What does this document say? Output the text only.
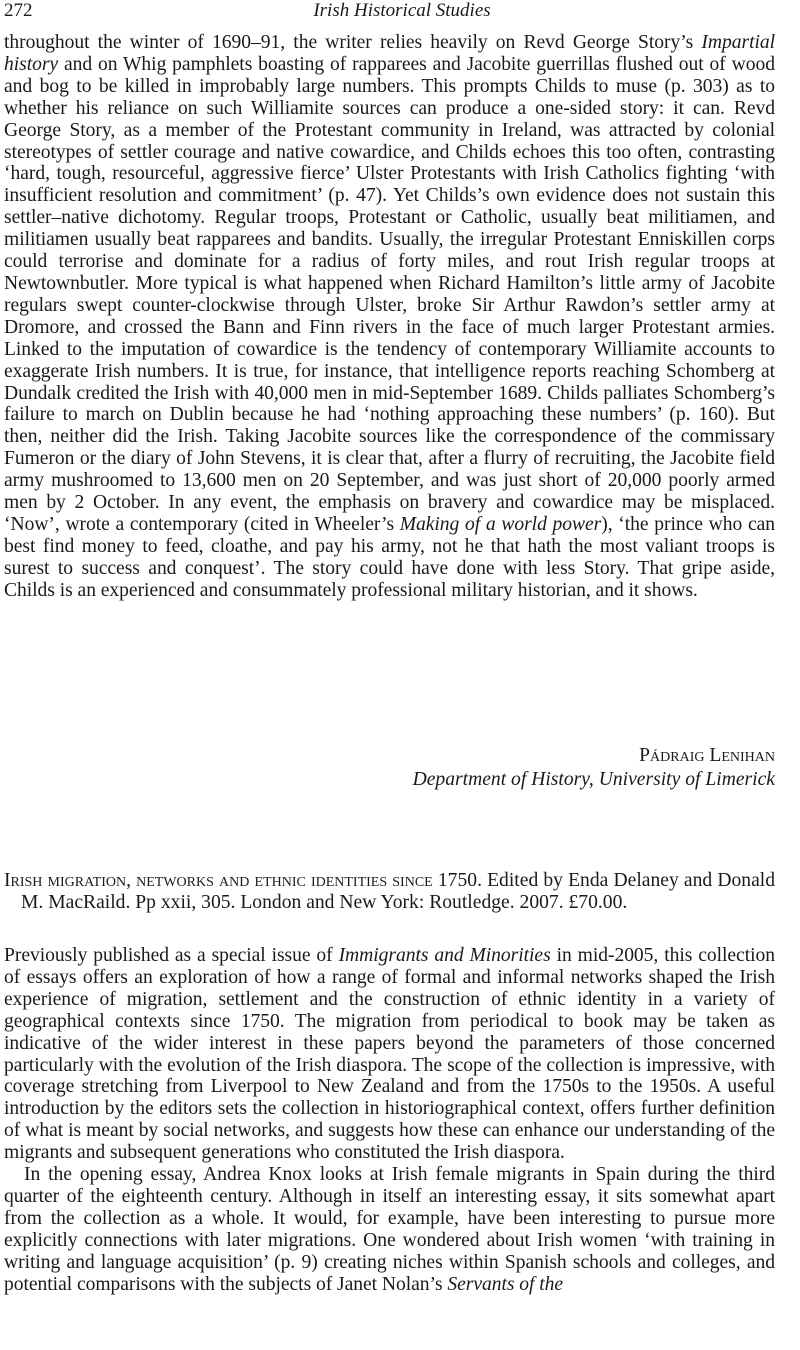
272	Irish Historical Studies

throughout the winter of 1690–91, the writer relies heavily on Revd George Story’s Impartial history and on Whig pamphlets boasting of rapparees and Jacobite guerrillas flushed out of wood and bog to be killed in improbably large numbers. This prompts Childs to muse (p. 303) as to whether his reliance on such Williamite sources can produce a one-sided story: it can. Revd George Story, as a member of the Protestant community in Ireland, was attracted by colonial stereotypes of settler courage and native cowardice, and Childs echoes this too often, contrasting ‘hard, tough, resourceful, aggressive fierce’ Ulster Protestants with Irish Catholics fighting ‘with insufficient resolution and commitment’ (p. 47). Yet Childs’s own evidence does not sustain this settler–native dichotomy. Regular troops, Protestant or Catholic, usually beat militiamen, and militiamen usually beat rapparees and bandits. Usually, the irregular Protestant Enniskillen corps could terrorise and dominate for a radius of forty miles, and rout Irish regular troops at Newtownbutler. More typical is what happened when Richard Hamilton’s little army of Jacobite regulars swept counter-clockwise through Ulster, broke Sir Arthur Rawdon’s settler army at Dromore, and crossed the Bann and Finn rivers in the face of much larger Protestant armies. Linked to the imputation of cowardice is the tendency of contemporary Williamite accounts to exaggerate Irish numbers. It is true, for instance, that intelligence reports reaching Schomberg at Dundalk credited the Irish with 40,000 men in mid-September 1689. Childs palliates Schomberg’s failure to march on Dublin because he had ‘nothing approaching these numbers’ (p. 160). But then, neither did the Irish. Taking Jacobite sources like the correspondence of the commissary Fumeron or the diary of John Stevens, it is clear that, after a flurry of recruiting, the Jacobite field army mushroomed to 13,600 men on 20 September, and was just short of 20,000 poorly armed men by 2 October. In any event, the emphasis on bravery and cowardice may be misplaced. ‘Now’, wrote a contemporary (cited in Wheeler’s Making of a world power), ‘the prince who can best find money to feed, cloathe, and pay his army, not he that hath the most valiant troops is surest to success and conquest’. The story could have done with less Story. That gripe aside, Childs is an experienced and consummately professional military historian, and it shows.

Pádraig Lenihan

Department of History, University of Limerick

Irish migration, networks and ethnic identities since 1750. Edited by Enda Delaney and Donald M. MacRaild. Pp xxii, 305. London and New York: Routledge. 2007. £70.00.

Previously published as a special issue of Immigrants and Minorities in mid-2005, this collection of essays offers an exploration of how a range of formal and informal networks shaped the Irish experience of migration, settlement and the construction of ethnic identity in a variety of geographical contexts since 1750. The migration from periodical to book may be taken as indicative of the wider interest in these papers beyond the parameters of those concerned particularly with the evolution of the Irish diaspora. The scope of the collection is impressive, with coverage stretching from Liverpool to New Zealand and from the 1750s to the 1950s. A useful introduction by the editors sets the collection in historiographical context, offers further definition of what is meant by social networks, and suggests how these can enhance our understanding of the migrants and subsequent generations who constituted the Irish diaspora.

In the opening essay, Andrea Knox looks at Irish female migrants in Spain during the third quarter of the eighteenth century. Although in itself an interesting essay, it sits somewhat apart from the collection as a whole. It would, for example, have been interesting to pursue more explicitly connections with later migrations. One wondered about Irish women ‘with training in writing and language acquisition’ (p. 9) creating niches within Spanish schools and colleges, and potential comparisons with the subjects of Janet Nolan’s Servants of the
